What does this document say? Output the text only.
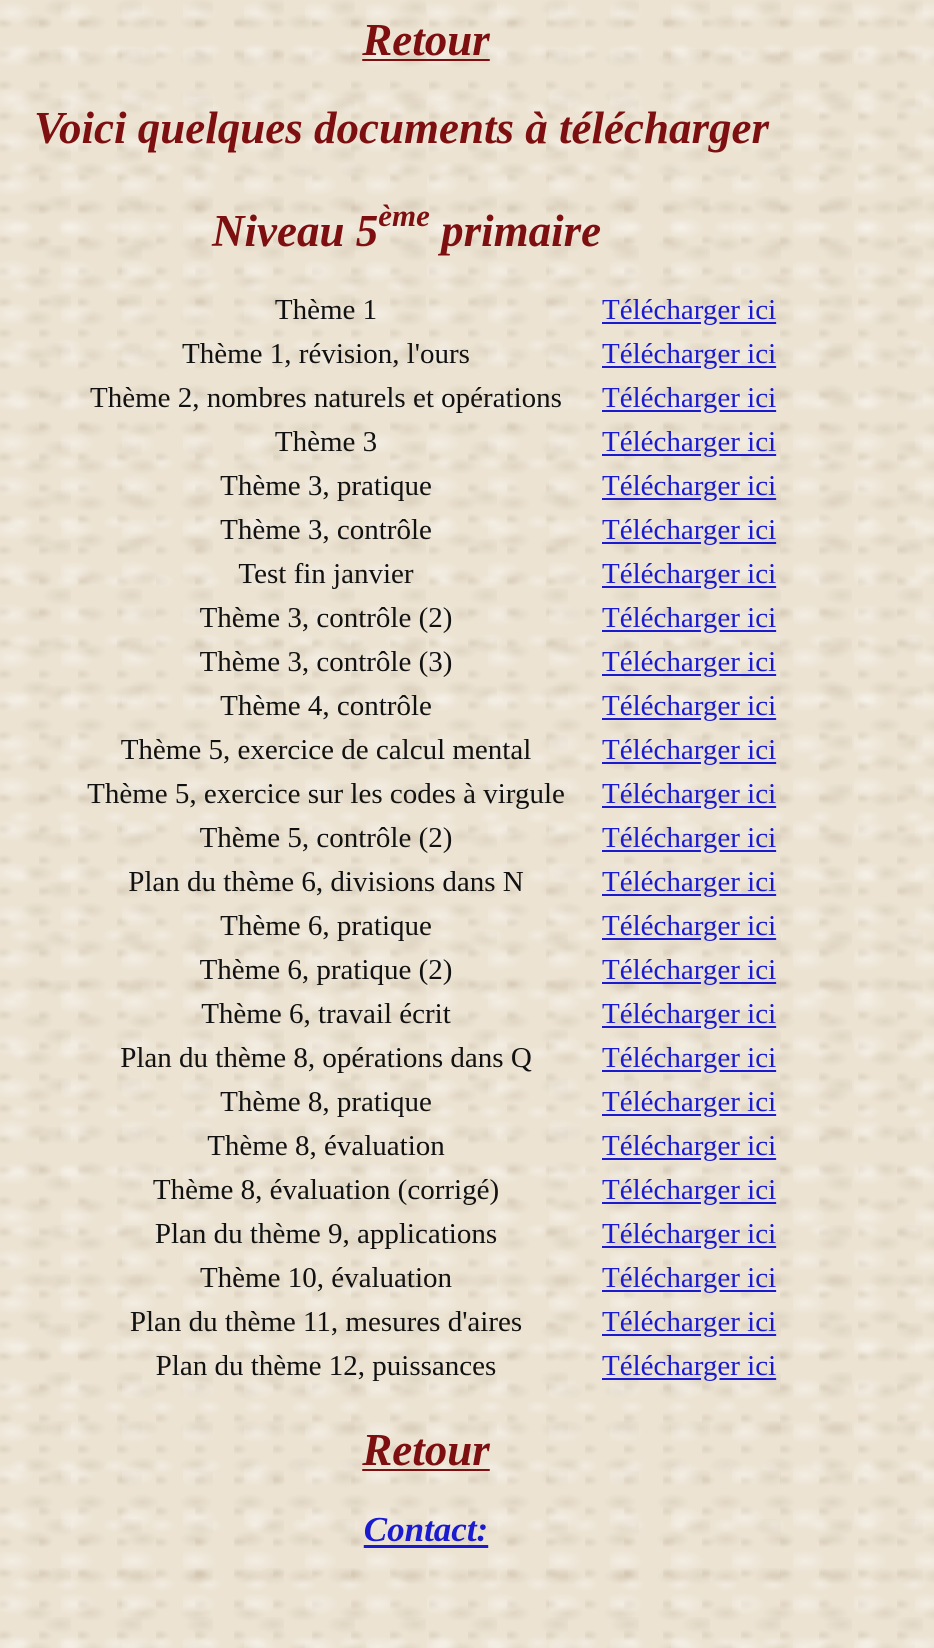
Retour

Voici quelques documents à télécharger
Niveau 5ème primaire
Thème 1	Télécharger ici
Thème 1, révision, l'ours	Télécharger ici
Thème 2, nombres naturels et opérations	Télécharger ici
Thème 3	Télécharger ici
Thème 3, pratique	Télécharger ici
Thème 3, contrôle	Télécharger ici
Test fin janvier	Télécharger ici
Thème 3, contrôle (2)	Télécharger ici
Thème 3, contrôle (3)	Télécharger ici
Thème 4, contrôle	Télécharger ici
Thème 5, exercice de calcul mental	Télécharger ici
Thème 5, exercice sur les codes à virgule	Télécharger ici
Thème 5, contrôle (2)	Télécharger ici
Plan du thème 6, divisions dans N	Télécharger ici
Thème 6, pratique	Télécharger ici
Thème 6, pratique (2)	Télécharger ici
Thème 6, travail écrit	Télécharger ici
Plan du thème 8, opérations dans Q	Télécharger ici
Thème 8, pratique	Télécharger ici
Thème 8, évaluation	Télécharger ici
Thème 8, évaluation (corrigé)	Télécharger ici
Plan du thème 9, applications	Télécharger ici
Thème 10, évaluation	Télécharger ici
Plan du thème 11, mesures d'aires	Télécharger ici
Plan du thème 12, puissances	Télécharger ici

Retour

Contact:
